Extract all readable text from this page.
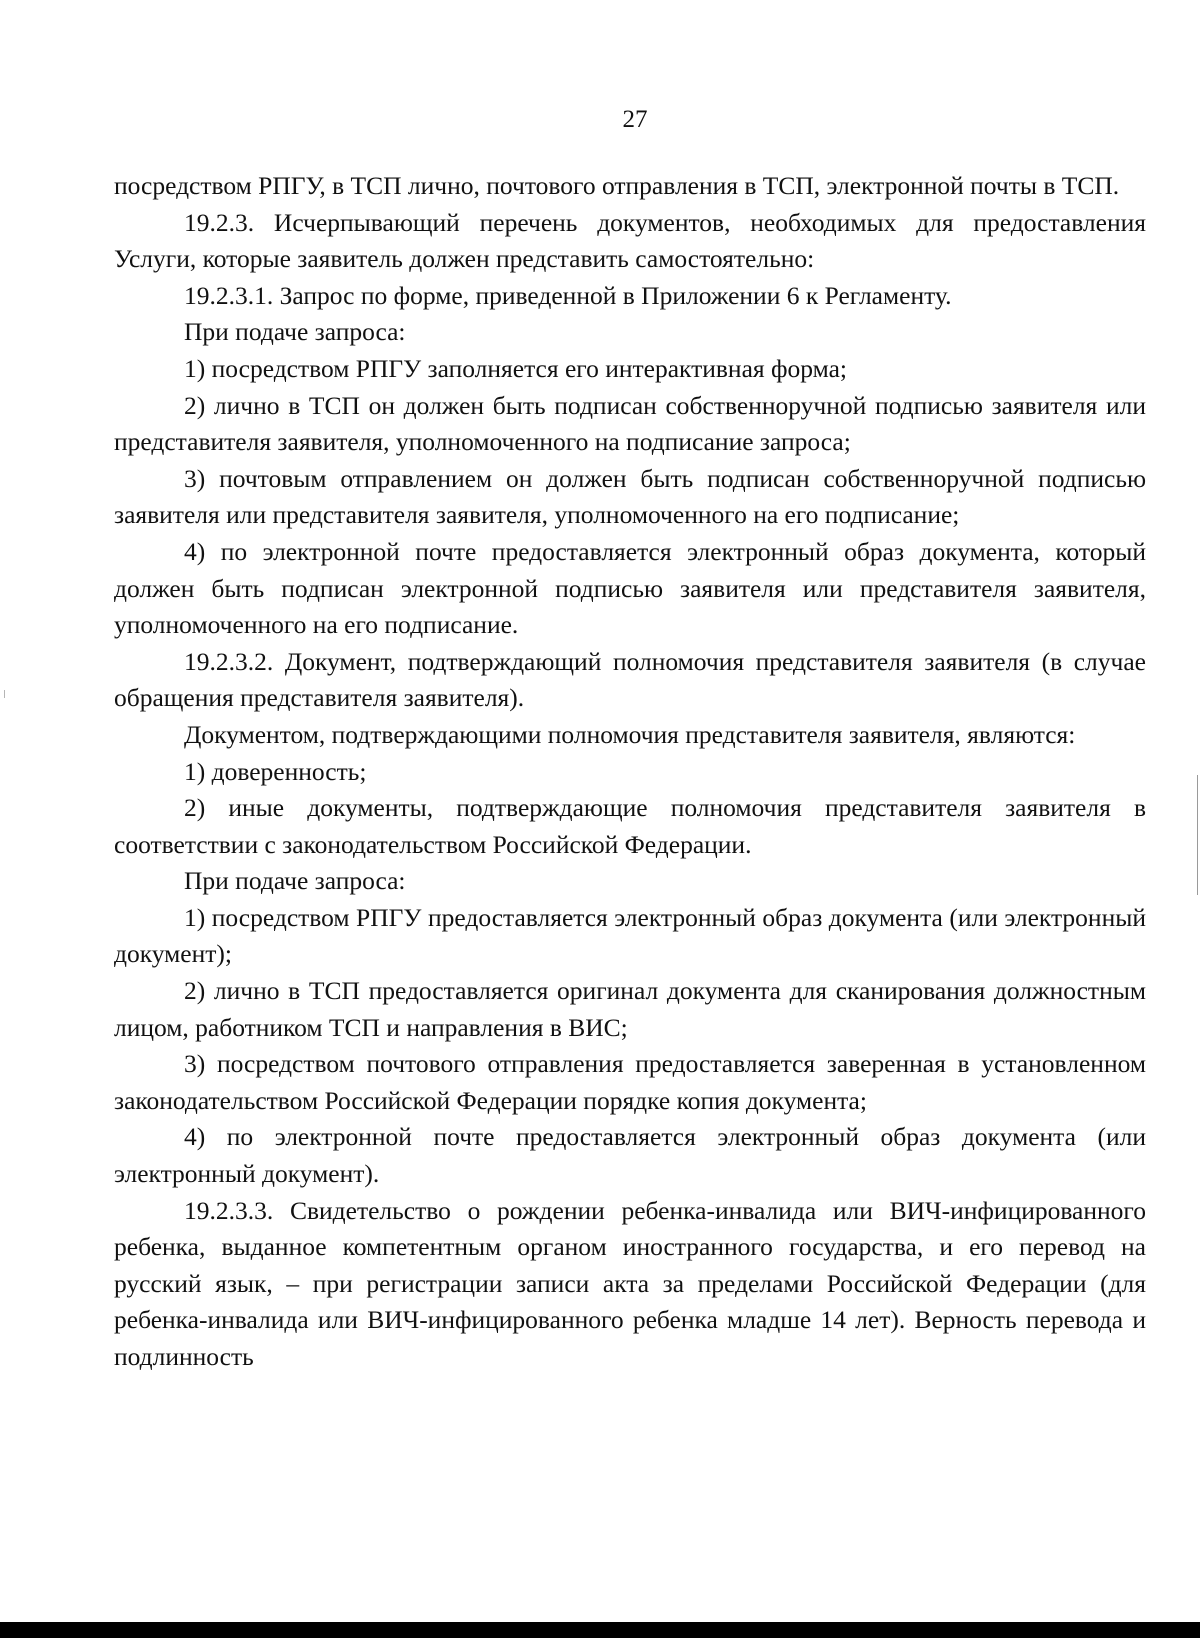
27

посредством РПГУ, в ТСП лично, почтового отправления в ТСП, электронной почты в ТСП.

19.2.3. Исчерпывающий перечень документов, необходимых для предоставления Услуги, которые заявитель должен представить самостоятельно:

19.2.3.1. Запрос по форме, приведенной в Приложении 6 к Регламенту.

При подаче запроса:

1) посредством РПГУ заполняется его интерактивная форма;

2) лично в ТСП он должен быть подписан собственноручной подписью заявителя или представителя заявителя, уполномоченного на подписание запроса;

3) почтовым отправлением он должен быть подписан собственноручной подписью заявителя или представителя заявителя, уполномоченного на его подписание;

4) по электронной почте предоставляется электронный образ документа, который должен быть подписан электронной подписью заявителя или представителя заявителя, уполномоченного на его подписание.

19.2.3.2. Документ, подтверждающий полномочия представителя заявителя (в случае обращения представителя заявителя).

Документом, подтверждающими полномочия представителя заявителя, являются:

1) доверенность;

2) иные документы, подтверждающие полномочия представителя заявителя в соответствии с законодательством Российской Федерации.

При подаче запроса:

1) посредством РПГУ предоставляется электронный образ документа (или электронный документ);

2) лично в ТСП предоставляется оригинал документа для сканирования должностным лицом, работником ТСП и направления в ВИС;

3) посредством почтового отправления предоставляется заверенная в установленном законодательством Российской Федерации порядке копия документа;

4) по электронной почте предоставляется электронный образ документа (или электронный документ).

19.2.3.3. Свидетельство о рождении ребенка-инвалида или ВИЧ-инфицированного ребенка, выданное компетентным органом иностранного государства, и его перевод на русский язык, – при регистрации записи акта за пределами Российской Федерации (для ребенка-инвалида или ВИЧ-инфицированного ребенка младше 14 лет). Верность перевода и подлинность
